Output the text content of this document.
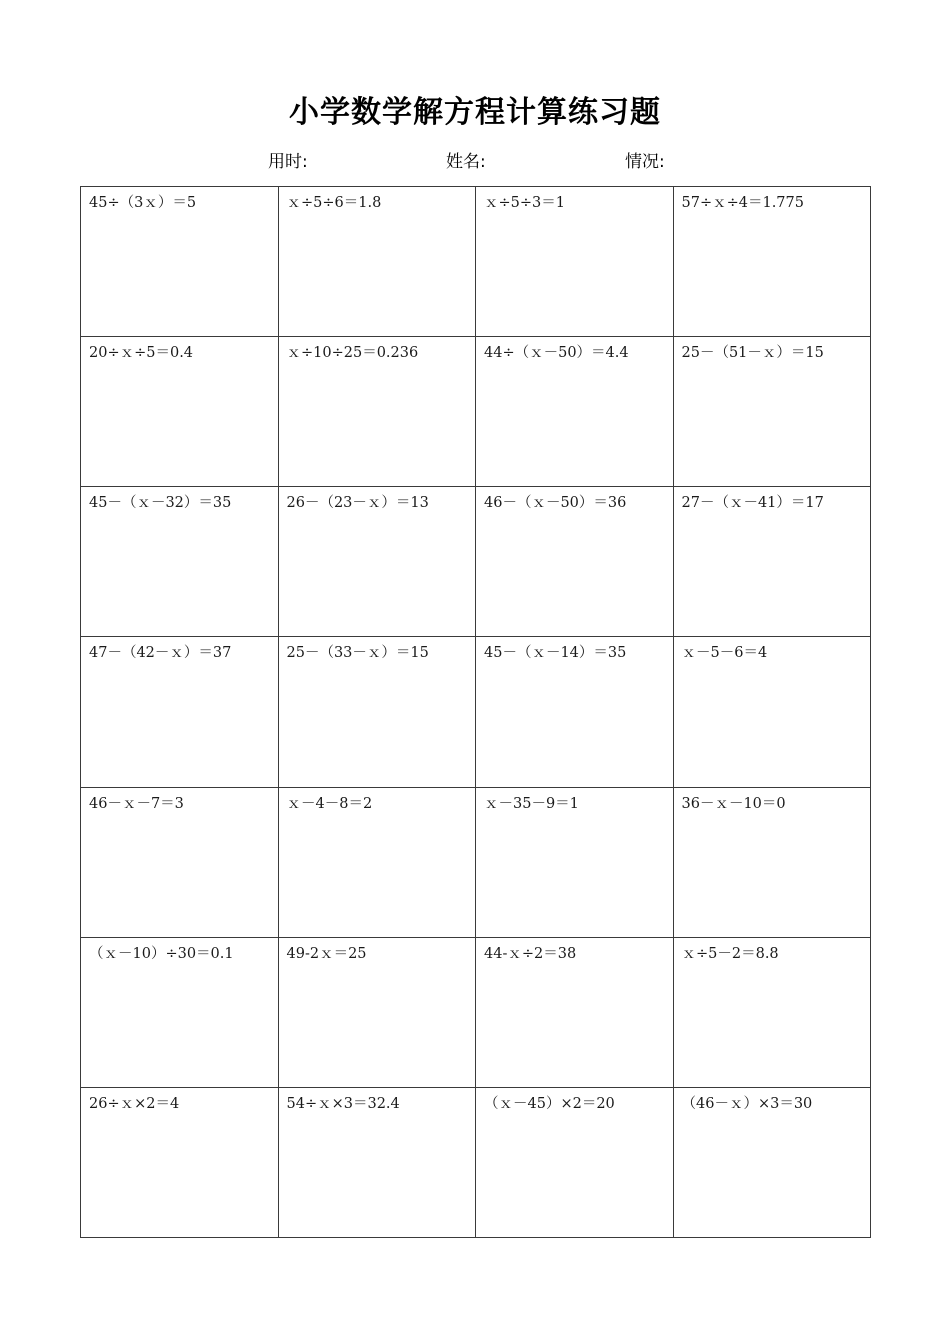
小学数学解方程计算练习题
用时:	姓名:	情况:
45÷（3ｘ）＝5	ｘ÷5÷6＝1.8	ｘ÷5÷3＝1	57÷ｘ÷4＝1.775

20÷ｘ÷5＝0.4	ｘ÷10÷25＝0.236	44÷（ｘ－50）＝4.4	25－（51－ｘ）＝15

45－（ｘ－32）＝35	26－（23－ｘ）＝13	46－（ｘ－50）＝36	27－（ｘ－41）＝17

47－（42－ｘ）＝37	25－（33－ｘ）＝15	45－（ｘ－14）＝35	ｘ－5－6＝4

46－ｘ－7＝3	ｘ－4－8＝2	ｘ－35－9＝1	36－ｘ－10＝0

（ｘ－10）÷30＝0.1	49-2ｘ＝25	44-ｘ÷2＝38	ｘ÷5－2＝8.8

26÷ｘ×2＝4	54÷ｘ×3＝32.4	（ｘ－45）×2＝20	（46－ｘ）×3＝30
